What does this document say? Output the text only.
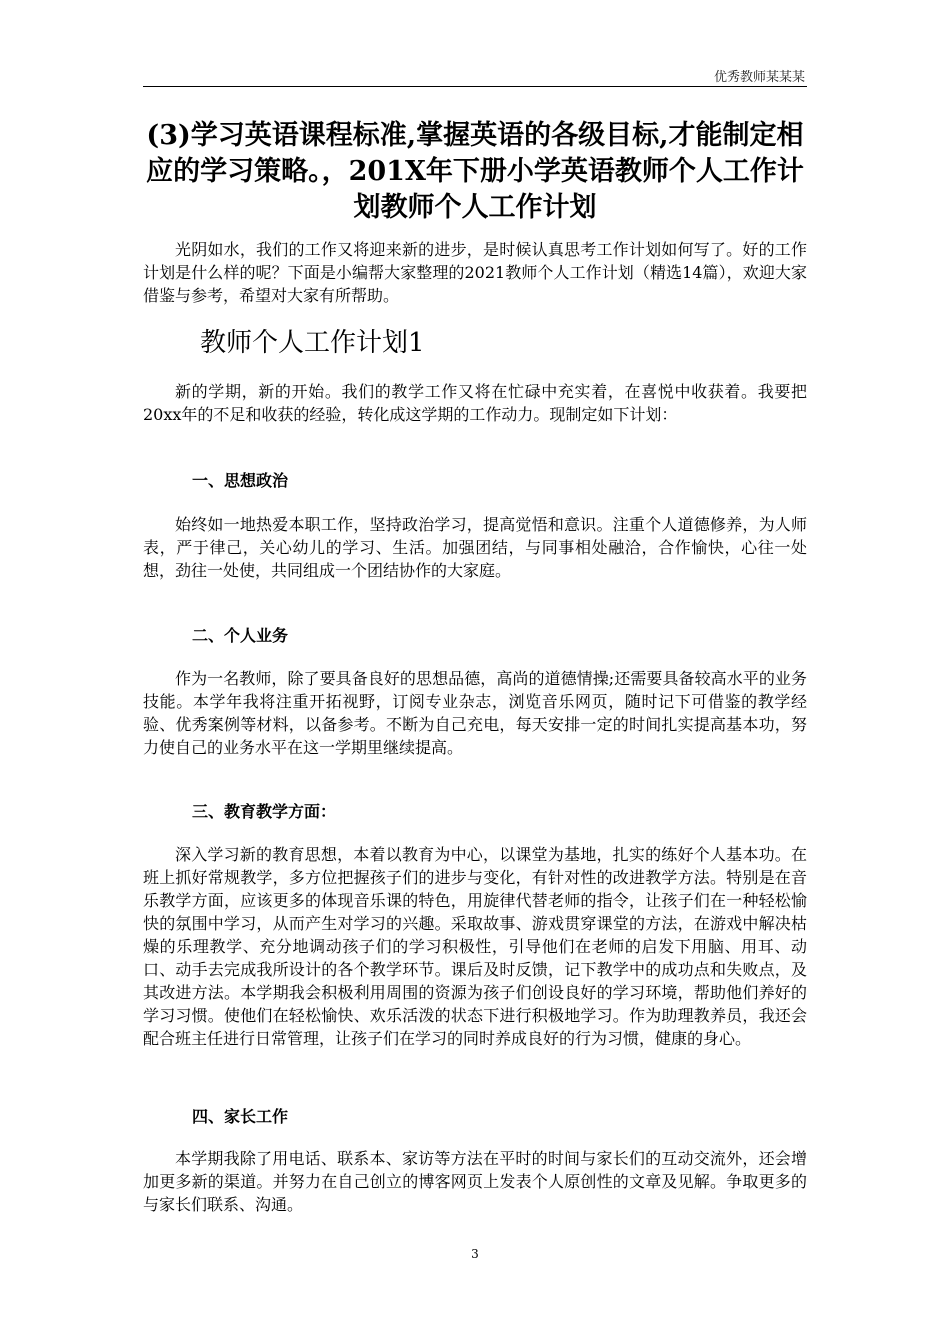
优秀教师某某某
(3)学习英语课程标准,掌握英语的各级目标,才能制定相应的学习策略。，201X年下册小学英语教师个人工作计划教师个人工作计划

光阴如水，我们的工作又将迎来新的进步，是时候认真思考工作计划如何写了。好的工作计划是什么样的呢？下面是小编帮大家整理的2021教师个人工作计划（精选14篇），欢迎大家借鉴与参考，希望对大家有所帮助。

教师个人工作计划1

新的学期，新的开始。我们的教学工作又将在忙碌中充实着，在喜悦中收获着。我要把20xx年的不足和收获的经验，转化成这学期的工作动力。现制定如下计划：

一、思想政治

始终如一地热爱本职工作，坚持政治学习，提高觉悟和意识。注重个人道德修养，为人师表，严于律己，关心幼儿的学习、生活。加强团结，与同事相处融洽，合作愉快，心往一处想，劲往一处使，共同组成一个团结协作的大家庭。

二、个人业务

作为一名教师，除了要具备良好的思想品德，高尚的道德情操;还需要具备较高水平的业务技能。本学年我将注重开拓视野，订阅专业杂志，浏览音乐网页，随时记下可借鉴的教学经验、优秀案例等材料，以备参考。不断为自己充电，每天安排一定的时间扎实提高基本功，努力使自己的业务水平在这一学期里继续提高。

三、教育教学方面：

深入学习新的教育思想，本着以教育为中心，以课堂为基地，扎实的练好个人基本功。在班上抓好常规教学，多方位把握孩子们的进步与变化，有针对性的改进教学方法。特别是在音乐教学方面，应该更多的体现音乐课的特色，用旋律代替老师的指令，让孩子们在一种轻松愉快的氛围中学习，从而产生对学习的兴趣。采取故事、游戏贯穿课堂的方法，在游戏中解决枯燥的乐理教学、充分地调动孩子们的学习积极性，引导他们在老师的启发下用脑、用耳、动口、动手去完成我所设计的各个教学环节。课后及时反馈，记下教学中的成功点和失败点，及其改进方法。本学期我会积极利用周围的资源为孩子们创设良好的学习环境，帮助他们养好的学习习惯。使他们在轻松愉快、欢乐活泼的状态下进行积极地学习。作为助理教养员，我还会配合班主任进行日常管理，让孩子们在学习的同时养成良好的行为习惯，健康的身心。

四、家长工作

本学期我除了用电话、联系本、家访等方法在平时的时间与家长们的互动交流外，还会增加更多新的渠道。并努力在自己创立的博客网页上发表个人原创性的文章及见解。争取更多的与家长们联系、沟通。

3
